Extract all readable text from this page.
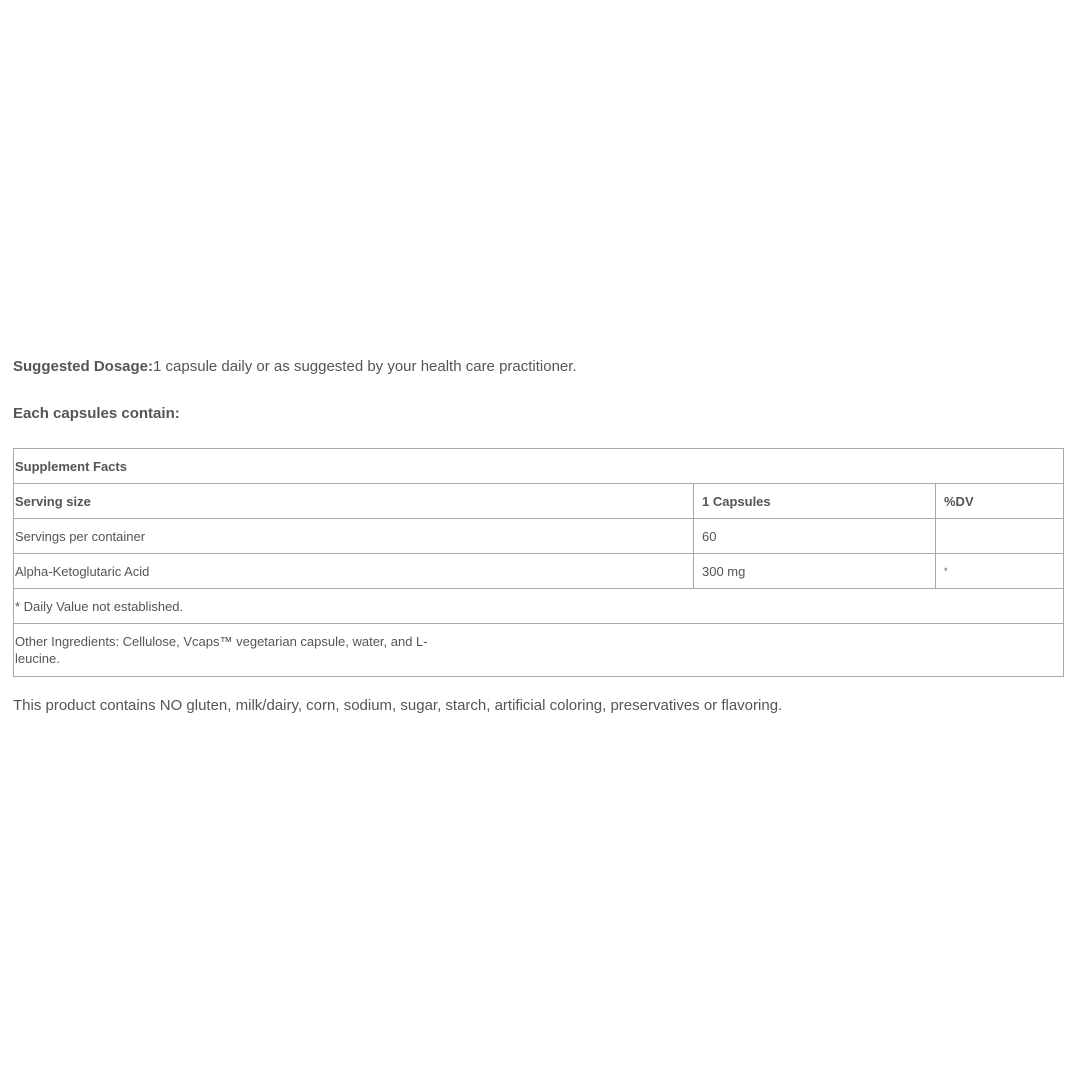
Suggested Dosage:1 capsule daily or as suggested by your health care practitioner.

Each capsules contain:

Supplement Facts		
Serving size	1 Capsules	%DV
Servings per container	60	
Alpha-Ketoglutaric Acid	300 mg	*
* Daily Value not established.		

Other Ingredients: Cellulose, Vcaps™ vegetarian capsule, water, and L-leucine.		

This product contains NO gluten, milk/dairy, corn, sodium, sugar, starch, artificial coloring, preservatives or flavoring.
